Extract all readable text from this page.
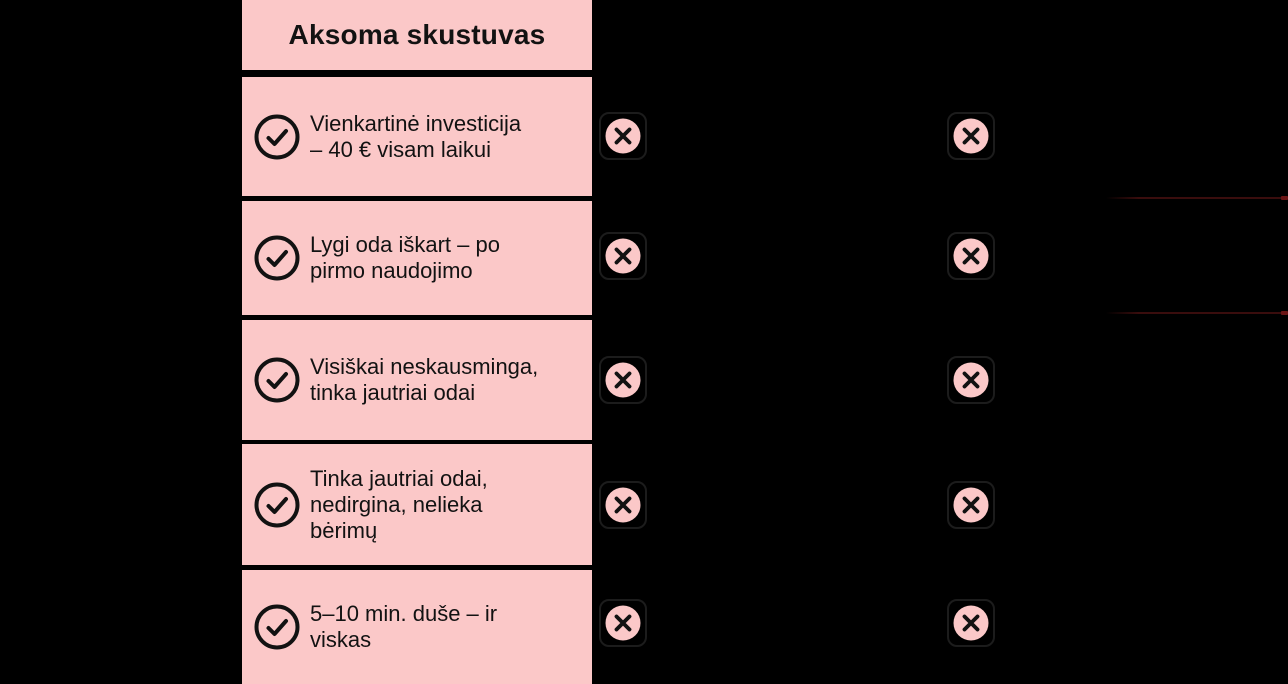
Aksoma skustuvas
Vienkartinė investicija
– 40 € visam laikui
Lygi oda iškart – po
pirmo naudojimo
Visiškai neskausminga,
tinka jautriai odai
Tinka jautriai odai,
nedirgina, nelieka
bėrimų
5–10 min. duše – ir
viskas
